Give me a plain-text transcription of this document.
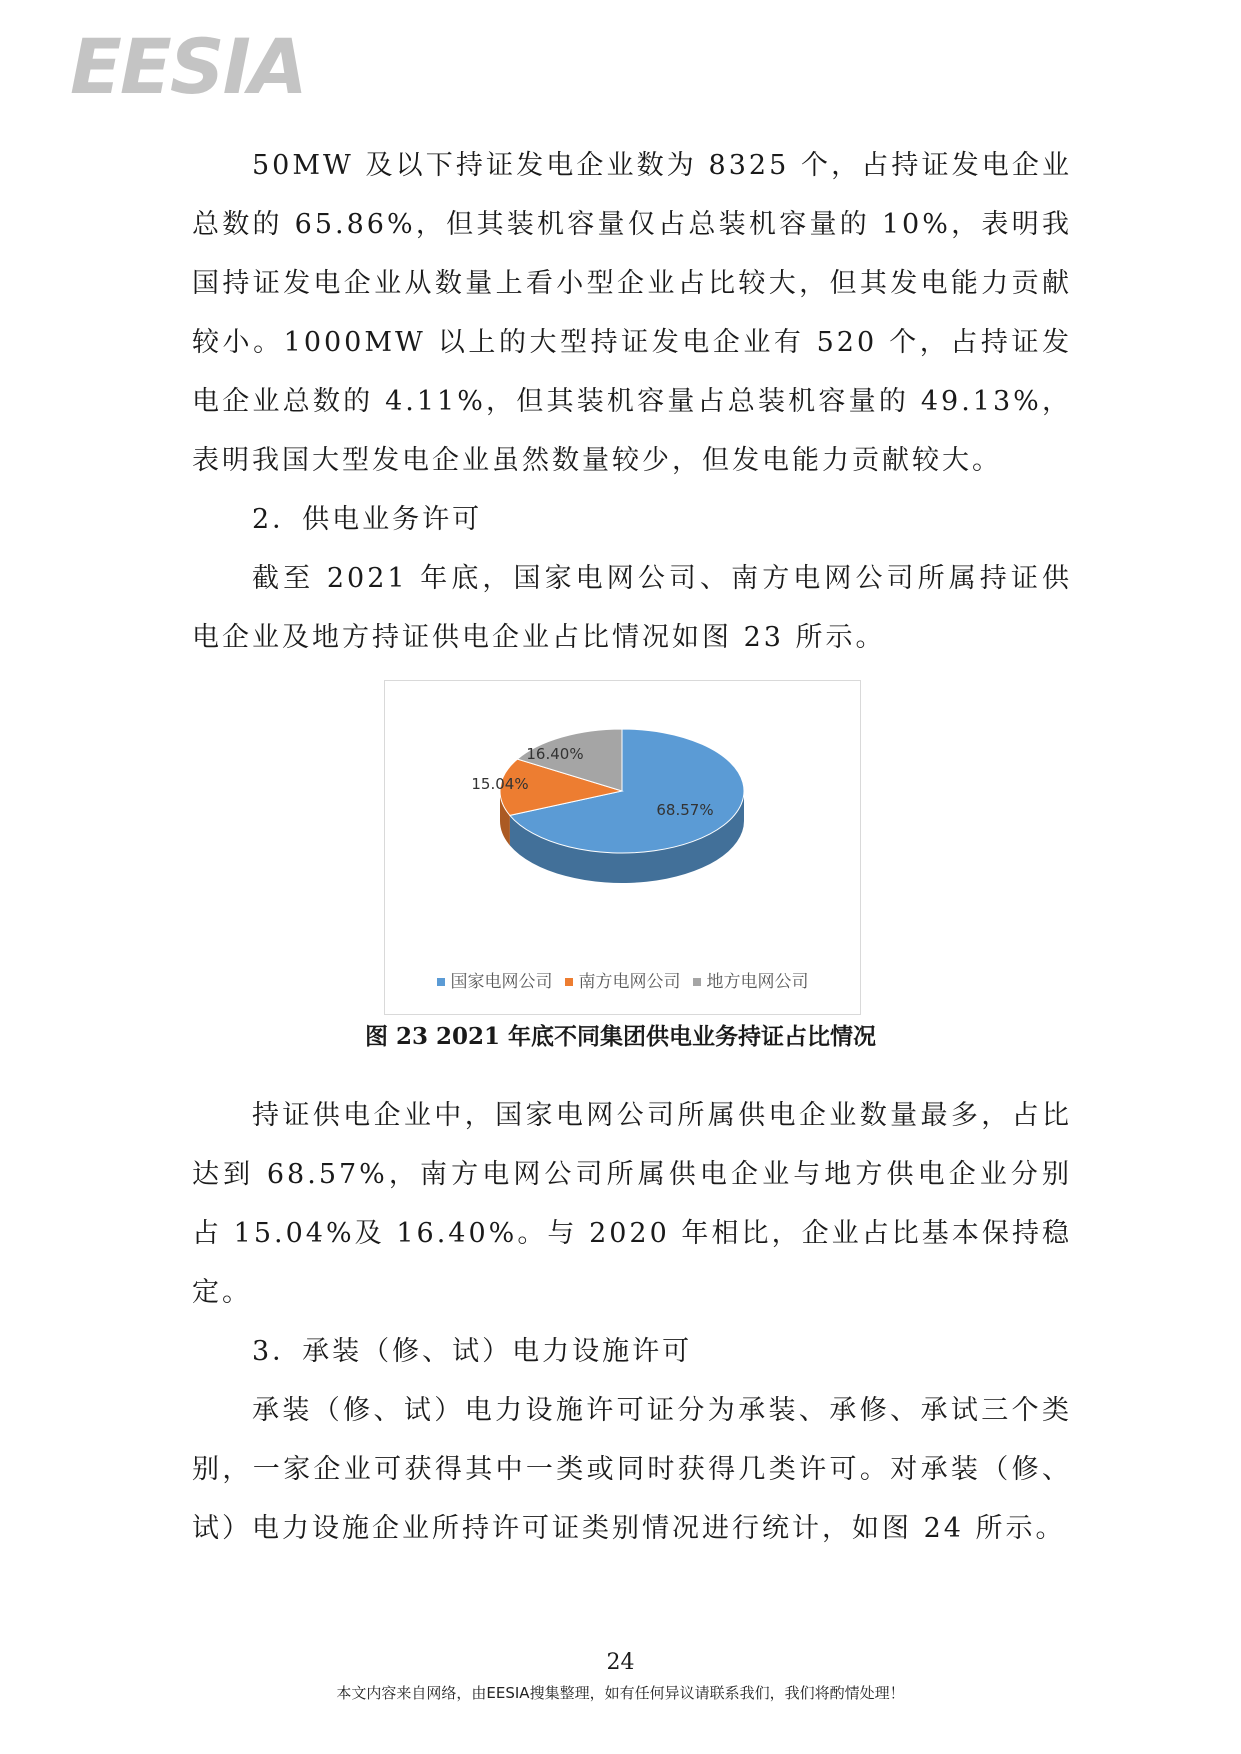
EESIA

50MW 及以下持证发电企业数为 8325 个，占持证发电企业总数的 65.86%，但其装机容量仅占总装机容量的 10%，表明我国持证发电企业从数量上看小型企业占比较大，但其发电能力贡献较小。1000MW 以上的大型持证发电企业有 520 个，占持证发电企业总数的 4.11%，但其装机容量占总装机容量的 49.13%，表明我国大型发电企业虽然数量较少，但发电能力贡献较大。

2．供电业务许可

截至 2021 年底，国家电网公司、南方电网公司所属持证供电企业及地方持证供电企业占比情况如图 23 所示。

68.57%
15.04%
16.40%
国家电网公司 南方电网公司 地方电网公司
图 23 2021 年底不同集团供电业务持证占比情况

持证供电企业中，国家电网公司所属供电企业数量最多，占比达到 68.57%，南方电网公司所属供电企业与地方供电企业分别占 15.04%及 16.40%。与 2020 年相比，企业占比基本保持稳定。

3．承装（修、试）电力设施许可

承装（修、试）电力设施许可证分为承装、承修、承试三个类别，一家企业可获得其中一类或同时获得几类许可。对承装（修、试）电力设施企业所持许可证类别情况进行统计，如图 24 所示。

24
本文内容来自网络，由EESIA搜集整理，如有任何异议请联系我们，我们将酌情处理！
